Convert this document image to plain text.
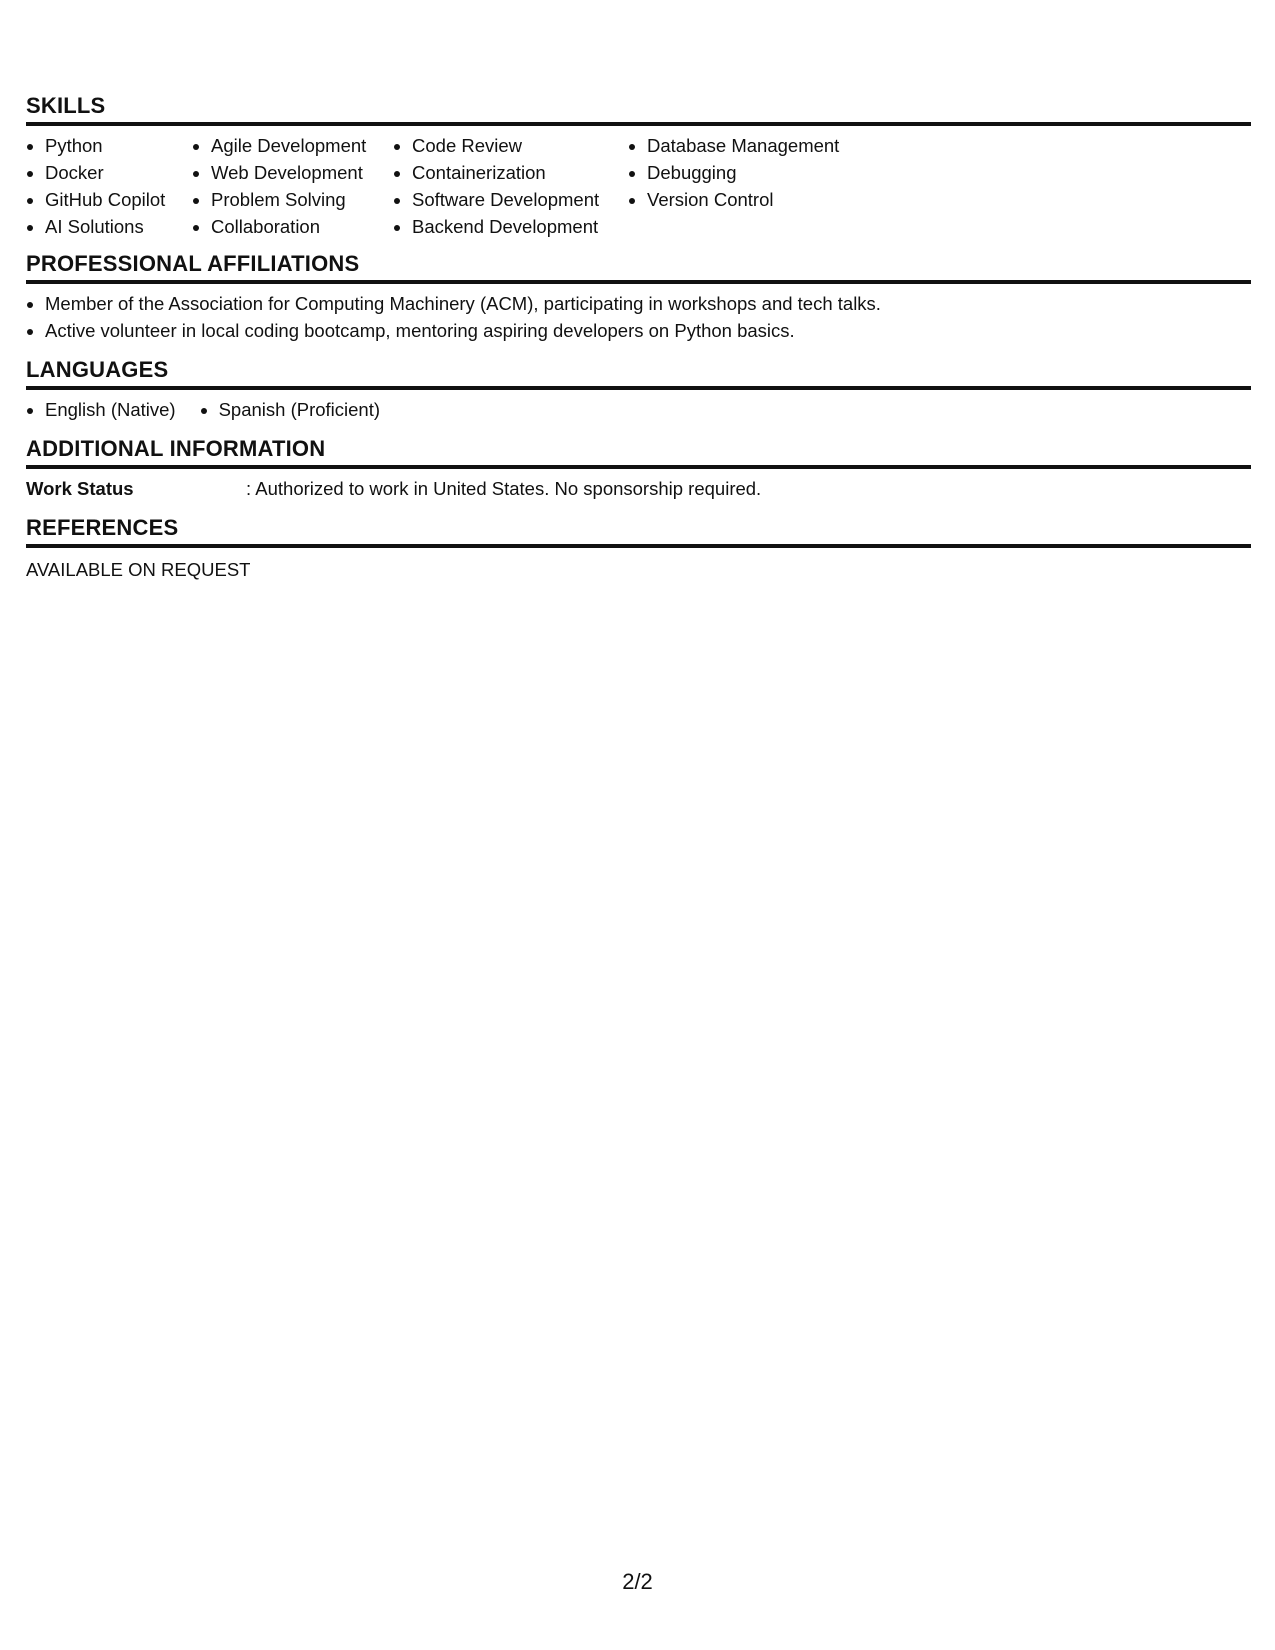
SKILLS
Python
Docker
GitHub Copilot
AI Solutions
Agile Development
Web Development
Problem Solving
Collaboration
Code Review
Containerization
Software Development
Backend Development
Database Management
Debugging
Version Control
PROFESSIONAL AFFILIATIONS
Member of the Association for Computing Machinery (ACM), participating in workshops and tech talks.
Active volunteer in local coding bootcamp, mentoring aspiring developers on Python basics.
LANGUAGES
English (Native)	Spanish (Proficient)
ADDITIONAL INFORMATION
Work Status	: Authorized to work in United States. No sponsorship required.
REFERENCES
AVAILABLE ON REQUEST
2/2
